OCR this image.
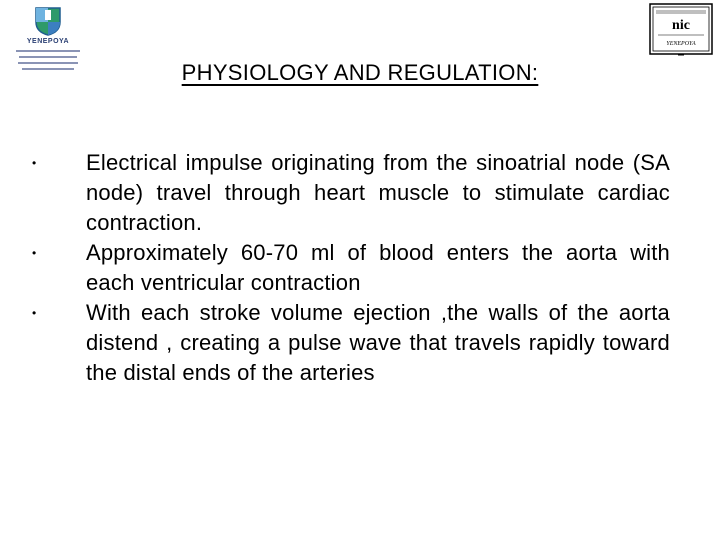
YENEPOYA
nic
YENEPOYA
PHYSIOLOGY AND REGULATION:
• Electrical impulse originating from the sinoatrial node (SA node) travel through heart muscle to stimulate cardiac contraction.
• Approximately 60-70 ml of blood enters the aorta with each ventricular contraction
• With each stroke volume ejection ,the walls of the aorta distend , creating a pulse wave that travels rapidly toward the distal ends of the arteries
